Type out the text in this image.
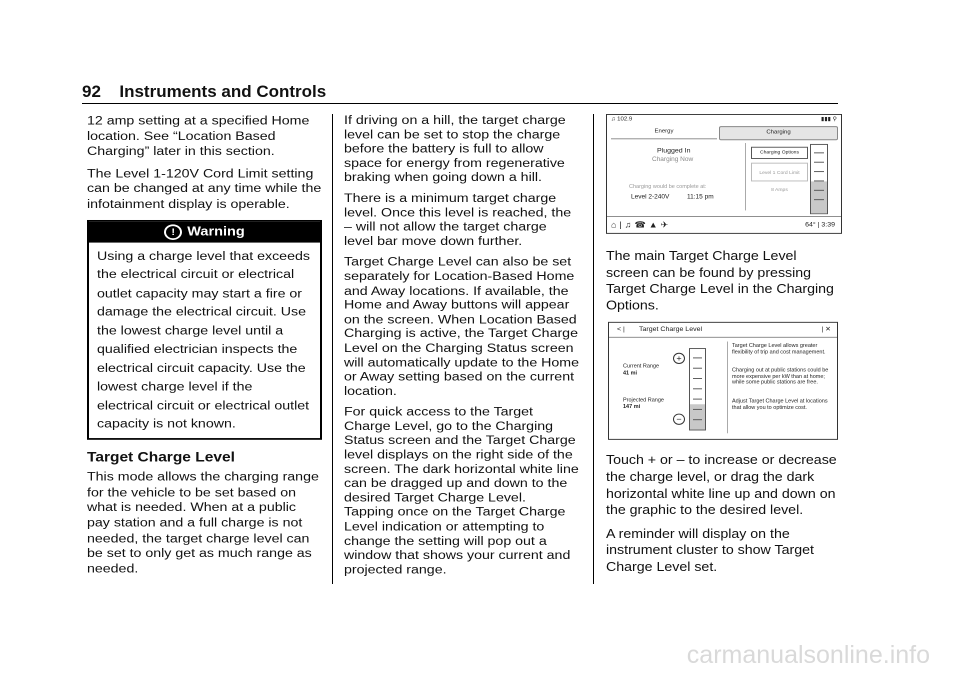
92 Instruments and Controls

12 amp setting at a specified Home location. See “Location Based Charging” later in this section.

The Level 1-120V Cord Limit setting can be changed at any time while the infotainment display is operable.

! Warning
Using a charge level that exceeds the electrical circuit or electrical outlet capacity may start a fire or damage the electrical circuit. Use the lowest charge level until a qualified electrician inspects the electrical circuit capacity. Use the lowest charge level if the electrical circuit or electrical outlet capacity is not known.
Target Charge Level

This mode allows the charging range for the vehicle to be set based on what is needed. When at a public pay station and a full charge is not needed, the target charge level can be set to only get as much range as needed.

If driving on a hill, the target charge level can be set to stop the charge before the battery is full to allow space for energy from regenerative braking when going down a hill.

There is a minimum target charge level. Once this level is reached, the – will not allow the target charge level bar move down further.

Target Charge Level can also be set separately for Location-Based Home and Away locations. If available, the Home and Away buttons will appear on the screen. When Location Based Charging is active, the Target Charge Level on the Charging Status screen will automatically update to the Home or Away setting based on the current location.

For quick access to the Target Charge Level, go to the Charging Status screen and the Target Charge level displays on the right side of the screen. The dark horizontal white line can be dragged up and down to the desired Target Charge Level. Tapping once on the Target Charge Level indication or attempting to change the setting will pop out a window that shows your current and projected range.

♫ 102.9	▮▮▮ ⚲
Energy	Charging
Plugged In
Charging Now
Charging would be complete at:
Level 2-240V	11:15 pm
Charging Options
Level 1 Cord Limit
8 Amps
⌂|♫☎▲✈	64° | 3:39

The main Target Charge Level screen can be found by pressing Target Charge Level in the Charging Options.

< | Target Charge Level	| ✕
Current Range
41 mi
Projected Range
147 mi
+
−
Target Charge Level allows greater flexibility of trip and cost management.
Charging out at public stations could be more expensive per kW than at home; while some public stations are free.
Adjust Target Charge Level at locations that allow you to optimize cost.

Touch + or – to increase or decrease the charge level, or drag the dark horizontal white line up and down on the graphic to the desired level.

A reminder will display on the instrument cluster to show Target Charge Level set.

carmanualsonline.info
